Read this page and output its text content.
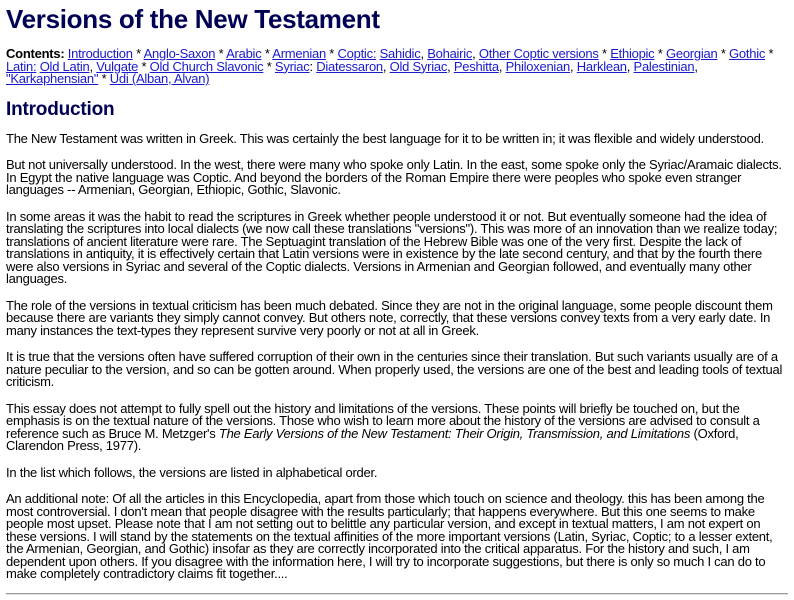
Versions of the New Testament
Contents: Introduction * Anglo-Saxon * Arabic * Armenian * Coptic: Sahidic, Bohairic, Other Coptic versions * Ethiopic * Georgian * Gothic * Latin: Old Latin, Vulgate * Old Church Slavonic * Syriac: Diatessaron, Old Syriac, Peshitta, Philoxenian, Harklean, Palestinian, "Karkaphensian" * Udi (Alban, Alvan)
Introduction

The New Testament was written in Greek. This was certainly the best language for it to be written in; it was flexible and widely understood.

But not universally understood. In the west, there were many who spoke only Latin. In the east, some spoke only the Syriac/Aramaic dialects. In Egypt the native language was Coptic. And beyond the borders of the Roman Empire there were peoples who spoke even stranger languages -- Armenian, Georgian, Ethiopic, Gothic, Slavonic.

In some areas it was the habit to read the scriptures in Greek whether people understood it or not. But eventually someone had the idea of translating the scriptures into local dialects (we now call these translations "versions"). This was more of an innovation than we realize today; translations of ancient literature were rare. The Septuagint translation of the Hebrew Bible was one of the very first. Despite the lack of translations in antiquity, it is effectively certain that Latin versions were in existence by the late second century, and that by the fourth there were also versions in Syriac and several of the Coptic dialects. Versions in Armenian and Georgian followed, and eventually many other languages.

The role of the versions in textual criticism has been much debated. Since they are not in the original language, some people discount them because there are variants they simply cannot convey. But others note, correctly, that these versions convey texts from a very early date. In many instances the text-types they represent survive very poorly or not at all in Greek.

It is true that the versions often have suffered corruption of their own in the centuries since their translation. But such variants usually are of a nature peculiar to the version, and so can be gotten around. When properly used, the versions are one of the best and leading tools of textual criticism.

This essay does not attempt to fully spell out the history and limitations of the versions. These points will briefly be touched on, but the emphasis is on the textual nature of the versions. Those who wish to learn more about the history of the versions are advised to consult a reference such as Bruce M. Metzger's The Early Versions of the New Testament: Their Origin, Transmission, and Limitations (Oxford, Clarendon Press, 1977).

In the list which follows, the versions are listed in alphabetical order.

An additional note: Of all the articles in this Encyclopedia, apart from those which touch on science and theology. this has been among the most controversial. I don't mean that people disagree with the results particularly; that happens everywhere. But this one seems to make people most upset. Please note that I am not setting out to belittle any particular version, and except in textual matters, I am not expert on these versions. I will stand by the statements on the textual affinities of the more important versions (Latin, Syriac, Coptic; to a lesser extent, the Armenian, Georgian, and Gothic) insofar as they are correctly incorporated into the critical apparatus. For the history and such, I am dependent upon others. If you disagree with the information here, I will try to incorporate suggestions, but there is only so much I can do to make completely contradictory claims fit together....
